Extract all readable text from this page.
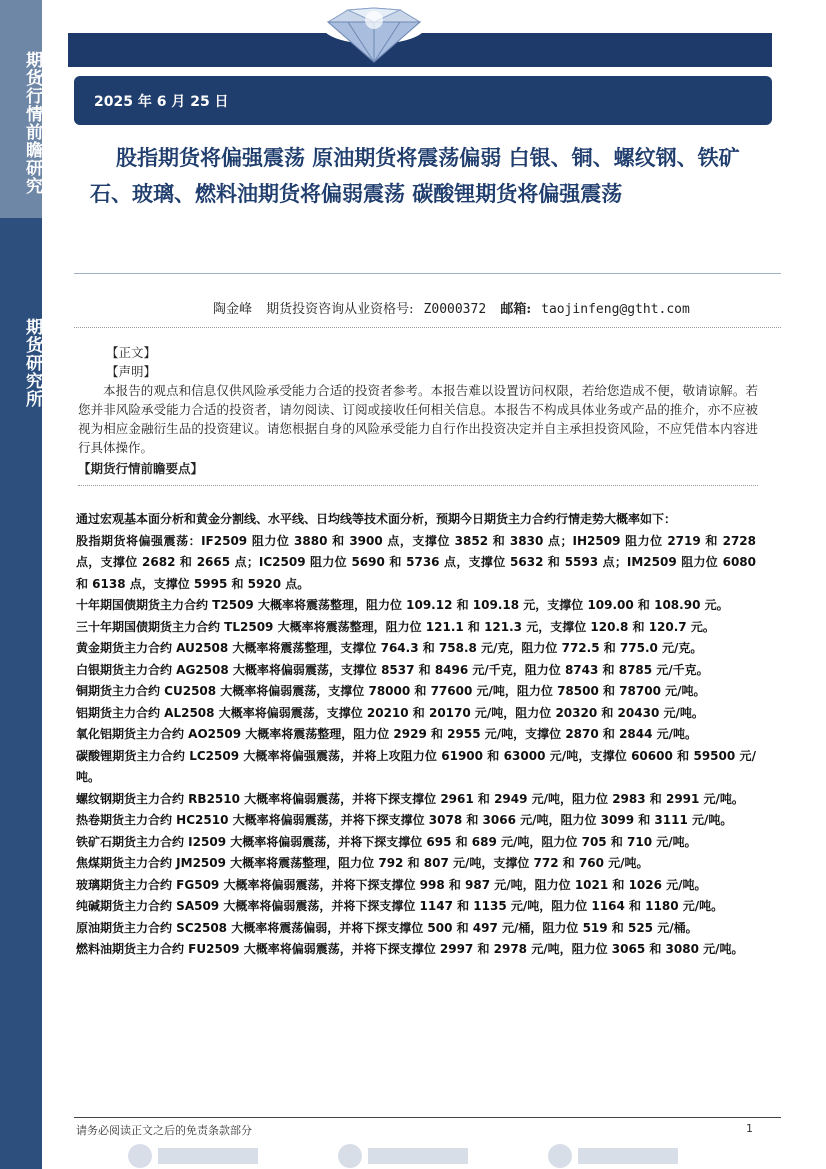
期货行情前瞻研究
期货研究所
2025 年 6 月 25 日
股指期货将偏强震荡 原油期货将震荡偏弱 白银、铜、螺纹钢、铁矿石、玻璃、燃料油期货将偏弱震荡 碳酸锂期货将偏强震荡
陶金峰 期货投资咨询从业资格号: Z0000372 邮箱: taojinfeng@gtht.com
【正文】
【声明】
本报告的观点和信息仅供风险承受能力合适的投资者参考。本报告难以设置访问权限，若给您造成不便，敬请谅解。若您并非风险承受能力合适的投资者，请勿阅读、订阅或接收任何相关信息。本报告不构成具体业务或产品的推介，亦不应被视为相应金融衍生品的投资建议。请您根据自身的风险承受能力自行作出投资决定并自主承担投资风险，不应凭借本内容进行具体操作。
【期货行情前瞻要点】

通过宏观基本面分析和黄金分割线、水平线、日均线等技术面分析，预期今日期货主力合约行情走势大概率如下：

股指期货将偏强震荡：IF2509 阻力位 3880 和 3900 点，支撑位 3852 和 3830 点；IH2509 阻力位 2719 和 2728 点，支撑位 2682 和 2665 点；IC2509 阻力位 5690 和 5736 点，支撑位 5632 和 5593 点；IM2509 阻力位 6080 和 6138 点，支撑位 5995 和 5920 点。

十年期国债期货主力合约 T2509 大概率将震荡整理，阻力位 109.12 和 109.18 元，支撑位 109.00 和 108.90 元。

三十年期国债期货主力合约 TL2509 大概率将震荡整理，阻力位 121.1 和 121.3 元，支撑位 120.8 和 120.7 元。

黄金期货主力合约 AU2508 大概率将震荡整理，支撑位 764.3 和 758.8 元/克，阻力位 772.5 和 775.0 元/克。

白银期货主力合约 AG2508 大概率将偏弱震荡，支撑位 8537 和 8496 元/千克，阻力位 8743 和 8785 元/千克。

铜期货主力合约 CU2508 大概率将偏弱震荡，支撑位 78000 和 77600 元/吨，阻力位 78500 和 78700 元/吨。

铝期货主力合约 AL2508 大概率将偏弱震荡，支撑位 20210 和 20170 元/吨，阻力位 20320 和 20430 元/吨。

氧化铝期货主力合约 AO2509 大概率将震荡整理，阻力位 2929 和 2955 元/吨，支撑位 2870 和 2844 元/吨。

碳酸锂期货主力合约 LC2509 大概率将偏强震荡，并将上攻阻力位 61900 和 63000 元/吨，支撑位 60600 和 59500 元/吨。

螺纹钢期货主力合约 RB2510 大概率将偏弱震荡，并将下探支撑位 2961 和 2949 元/吨，阻力位 2983 和 2991 元/吨。

热卷期货主力合约 HC2510 大概率将偏弱震荡，并将下探支撑位 3078 和 3066 元/吨，阻力位 3099 和 3111 元/吨。

铁矿石期货主力合约 I2509 大概率将偏弱震荡，并将下探支撑位 695 和 689 元/吨，阻力位 705 和 710 元/吨。

焦煤期货主力合约 JM2509 大概率将震荡整理，阻力位 792 和 807 元/吨，支撑位 772 和 760 元/吨。

玻璃期货主力合约 FG509 大概率将偏弱震荡，并将下探支撑位 998 和 987 元/吨，阻力位 1021 和 1026 元/吨。

纯碱期货主力合约 SA509 大概率将偏弱震荡，并将下探支撑位 1147 和 1135 元/吨，阻力位 1164 和 1180 元/吨。

原油期货主力合约 SC2508 大概率将震荡偏弱，并将下探支撑位 500 和 497 元/桶，阻力位 519 和 525 元/桶。

燃料油期货主力合约 FU2509 大概率将偏弱震荡，并将下探支撑位 2997 和 2978 元/吨，阻力位 3065 和 3080 元/吨。

请务必阅读正文之后的免责条款部分	1
